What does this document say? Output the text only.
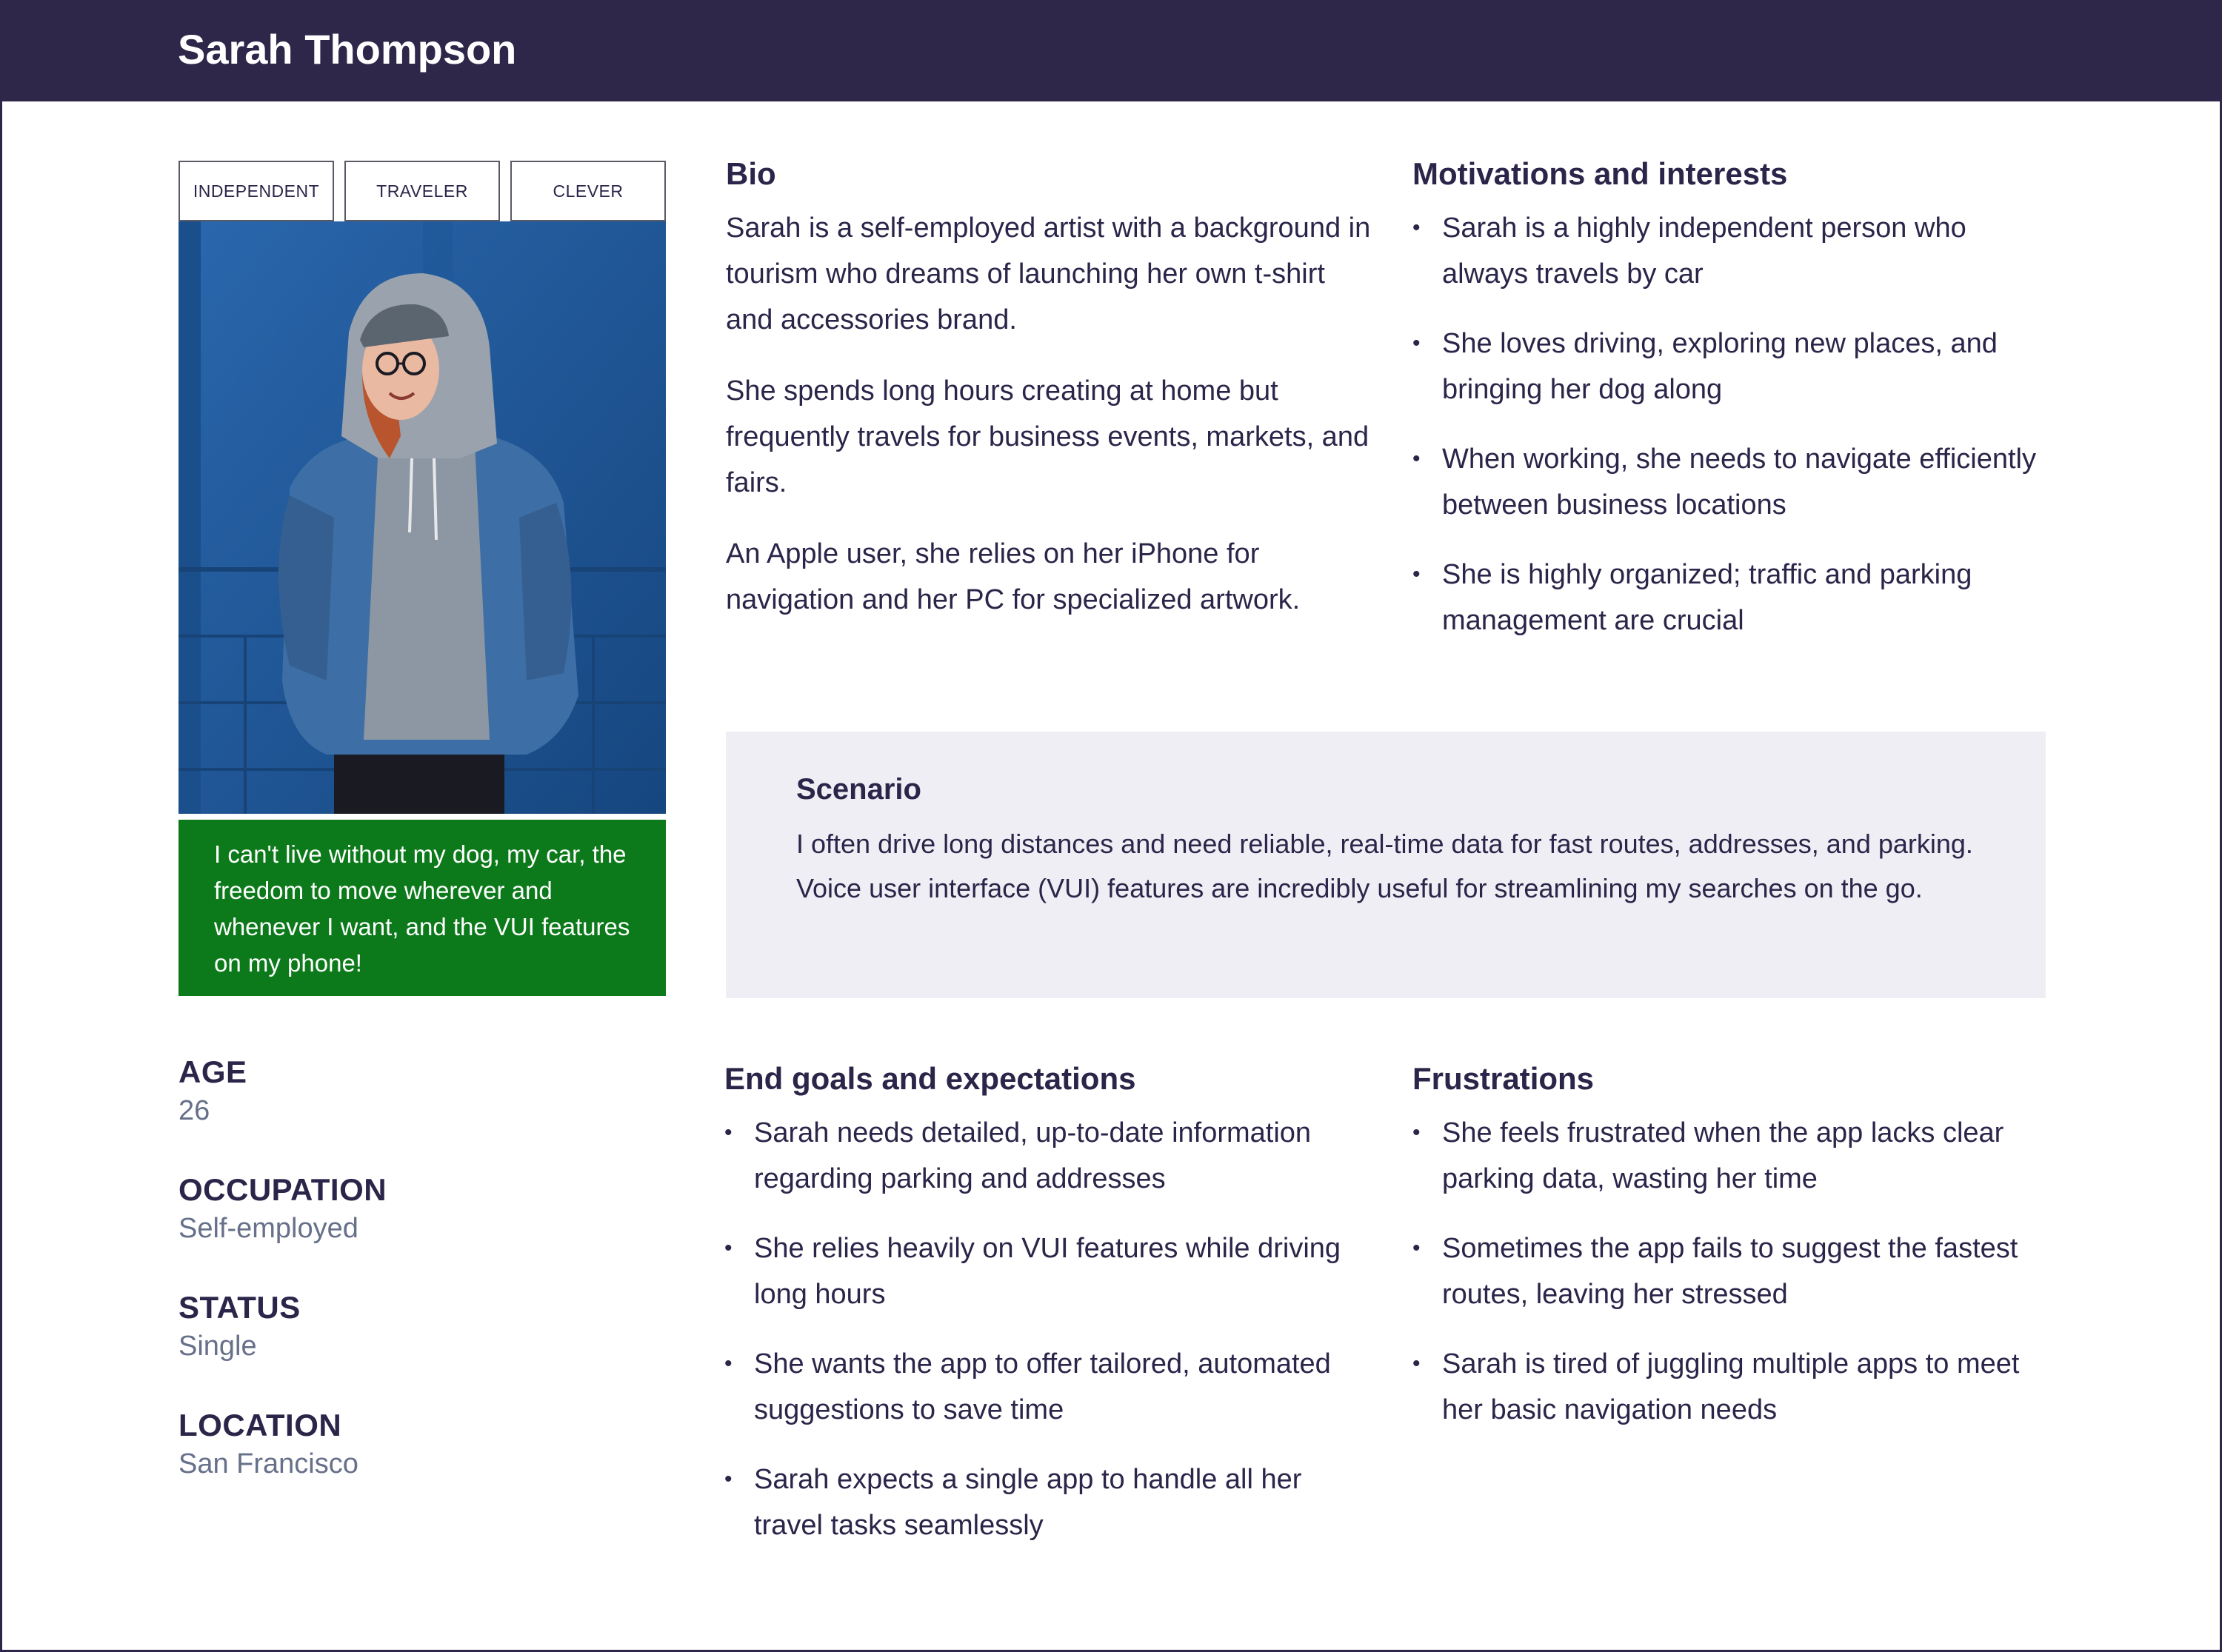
Sarah Thompson
INDEPENDENT	TRAVELER	CLEVER
I can't live without my dog, my car, the freedom to move wherever and whenever I want, and the VUI features on my phone!
AGE
26
OCCUPATION
Self-employed
STATUS
Single
LOCATION
San Francisco
Bio

Sarah is a self-employed artist with a background in tourism who dreams of launching her own t-shirt and accessories brand.

She spends long hours creating at home but frequently travels for business events, markets, and fairs.

An Apple user, she relies on her iPhone for navigation and her PC for specialized artwork.

Motivations and interests
• Sarah is a highly independent person who always travels by car
• She loves driving, exploring new places, and bringing her dog along
• When working, she needs to navigate efficiently between business locations
• She is highly organized; traffic and parking management are crucial
Scenario

I often drive long distances and need reliable, real-time data for fast routes, addresses, and parking. Voice user interface (VUI) features are incredibly useful for streamlining my searches on the go.

End goals and expectations
• Sarah needs detailed, up-to-date information regarding parking and addresses
• She relies heavily on VUI features while driving long hours
• She wants the app to offer tailored, automated suggestions to save time
• Sarah expects a single app to handle all her travel tasks seamlessly
Frustrations
• She feels frustrated when the app lacks clear parking data, wasting her time
• Sometimes the app fails to suggest the fastest routes, leaving her stressed
• Sarah is tired of juggling multiple apps to meet her basic navigation needs
